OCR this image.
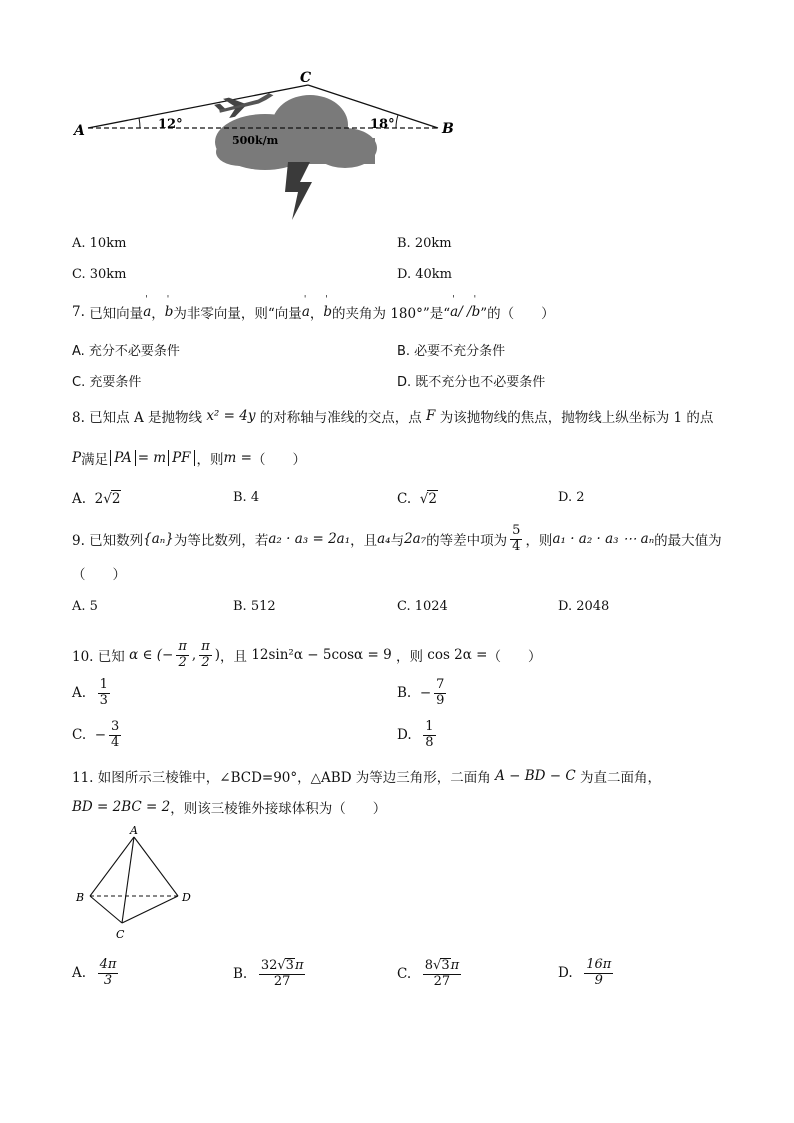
A	B
C
12°	18°
500k/m
A. 10km	B. 20km
C. 30km	D. 40km
7.
已知向量 ' a ， ' b 为非零向量，则“向量 ' a ， ' b 的夹角为 180°”是“ ' a / / ' b ”的（　　）
A. 充分不必要条件	B. 必要不充分条件
C. 充要条件	D. 既不充分也不必要条件
8. 已知点 A 是抛物线
x² = 4y
的对称轴与准线的交点，点
F
为该抛物线的焦点，抛物线上纵坐标为 1 的点
P 满足 PA = m PF ，则 m = （　　）
A.
2 √ 2	B. 4	C.
√ 2	D. 2
9. 已知数列 {aₙ} 为等比数列，若 a₂ · a₃ = 2a₁ ，且 a₄ 与 2a₇ 的等差中项为 $\frac{5}{4}$ ，则 a₁ · a₂ · a₃ ⋯ aₙ 的最大值为
（　　）
A. 5	B. 512	C. 1024	D. 2048
10. 已知
α ∈ (− $\frac{\pi}{2}$ , $\frac{\pi}{2}$ ) ，且
12sin²α − 5cosα = 9
，则
cos 2α = （　　）
A.
$\frac{1}{3}$	B.
− $\frac{7}{9}$
C.
− $\frac{3}{4}$	D.
$\frac{1}{8}$
11. 如图所示三棱锥中，∠BCD=90°，△ABD 为等边三角形，二面角
A − BD − C
为直二面角，
BD = 2BC = 2 ，则该三棱锥外接球体积为（　　）
A
B
C
D
A.
$\frac{4\pi}{3}$	B.
$\frac{32√ 3 \pi}{27}$	C.
$\frac{8√ 3 \pi}{27}$	D.
$\frac{16\pi}{9}$
